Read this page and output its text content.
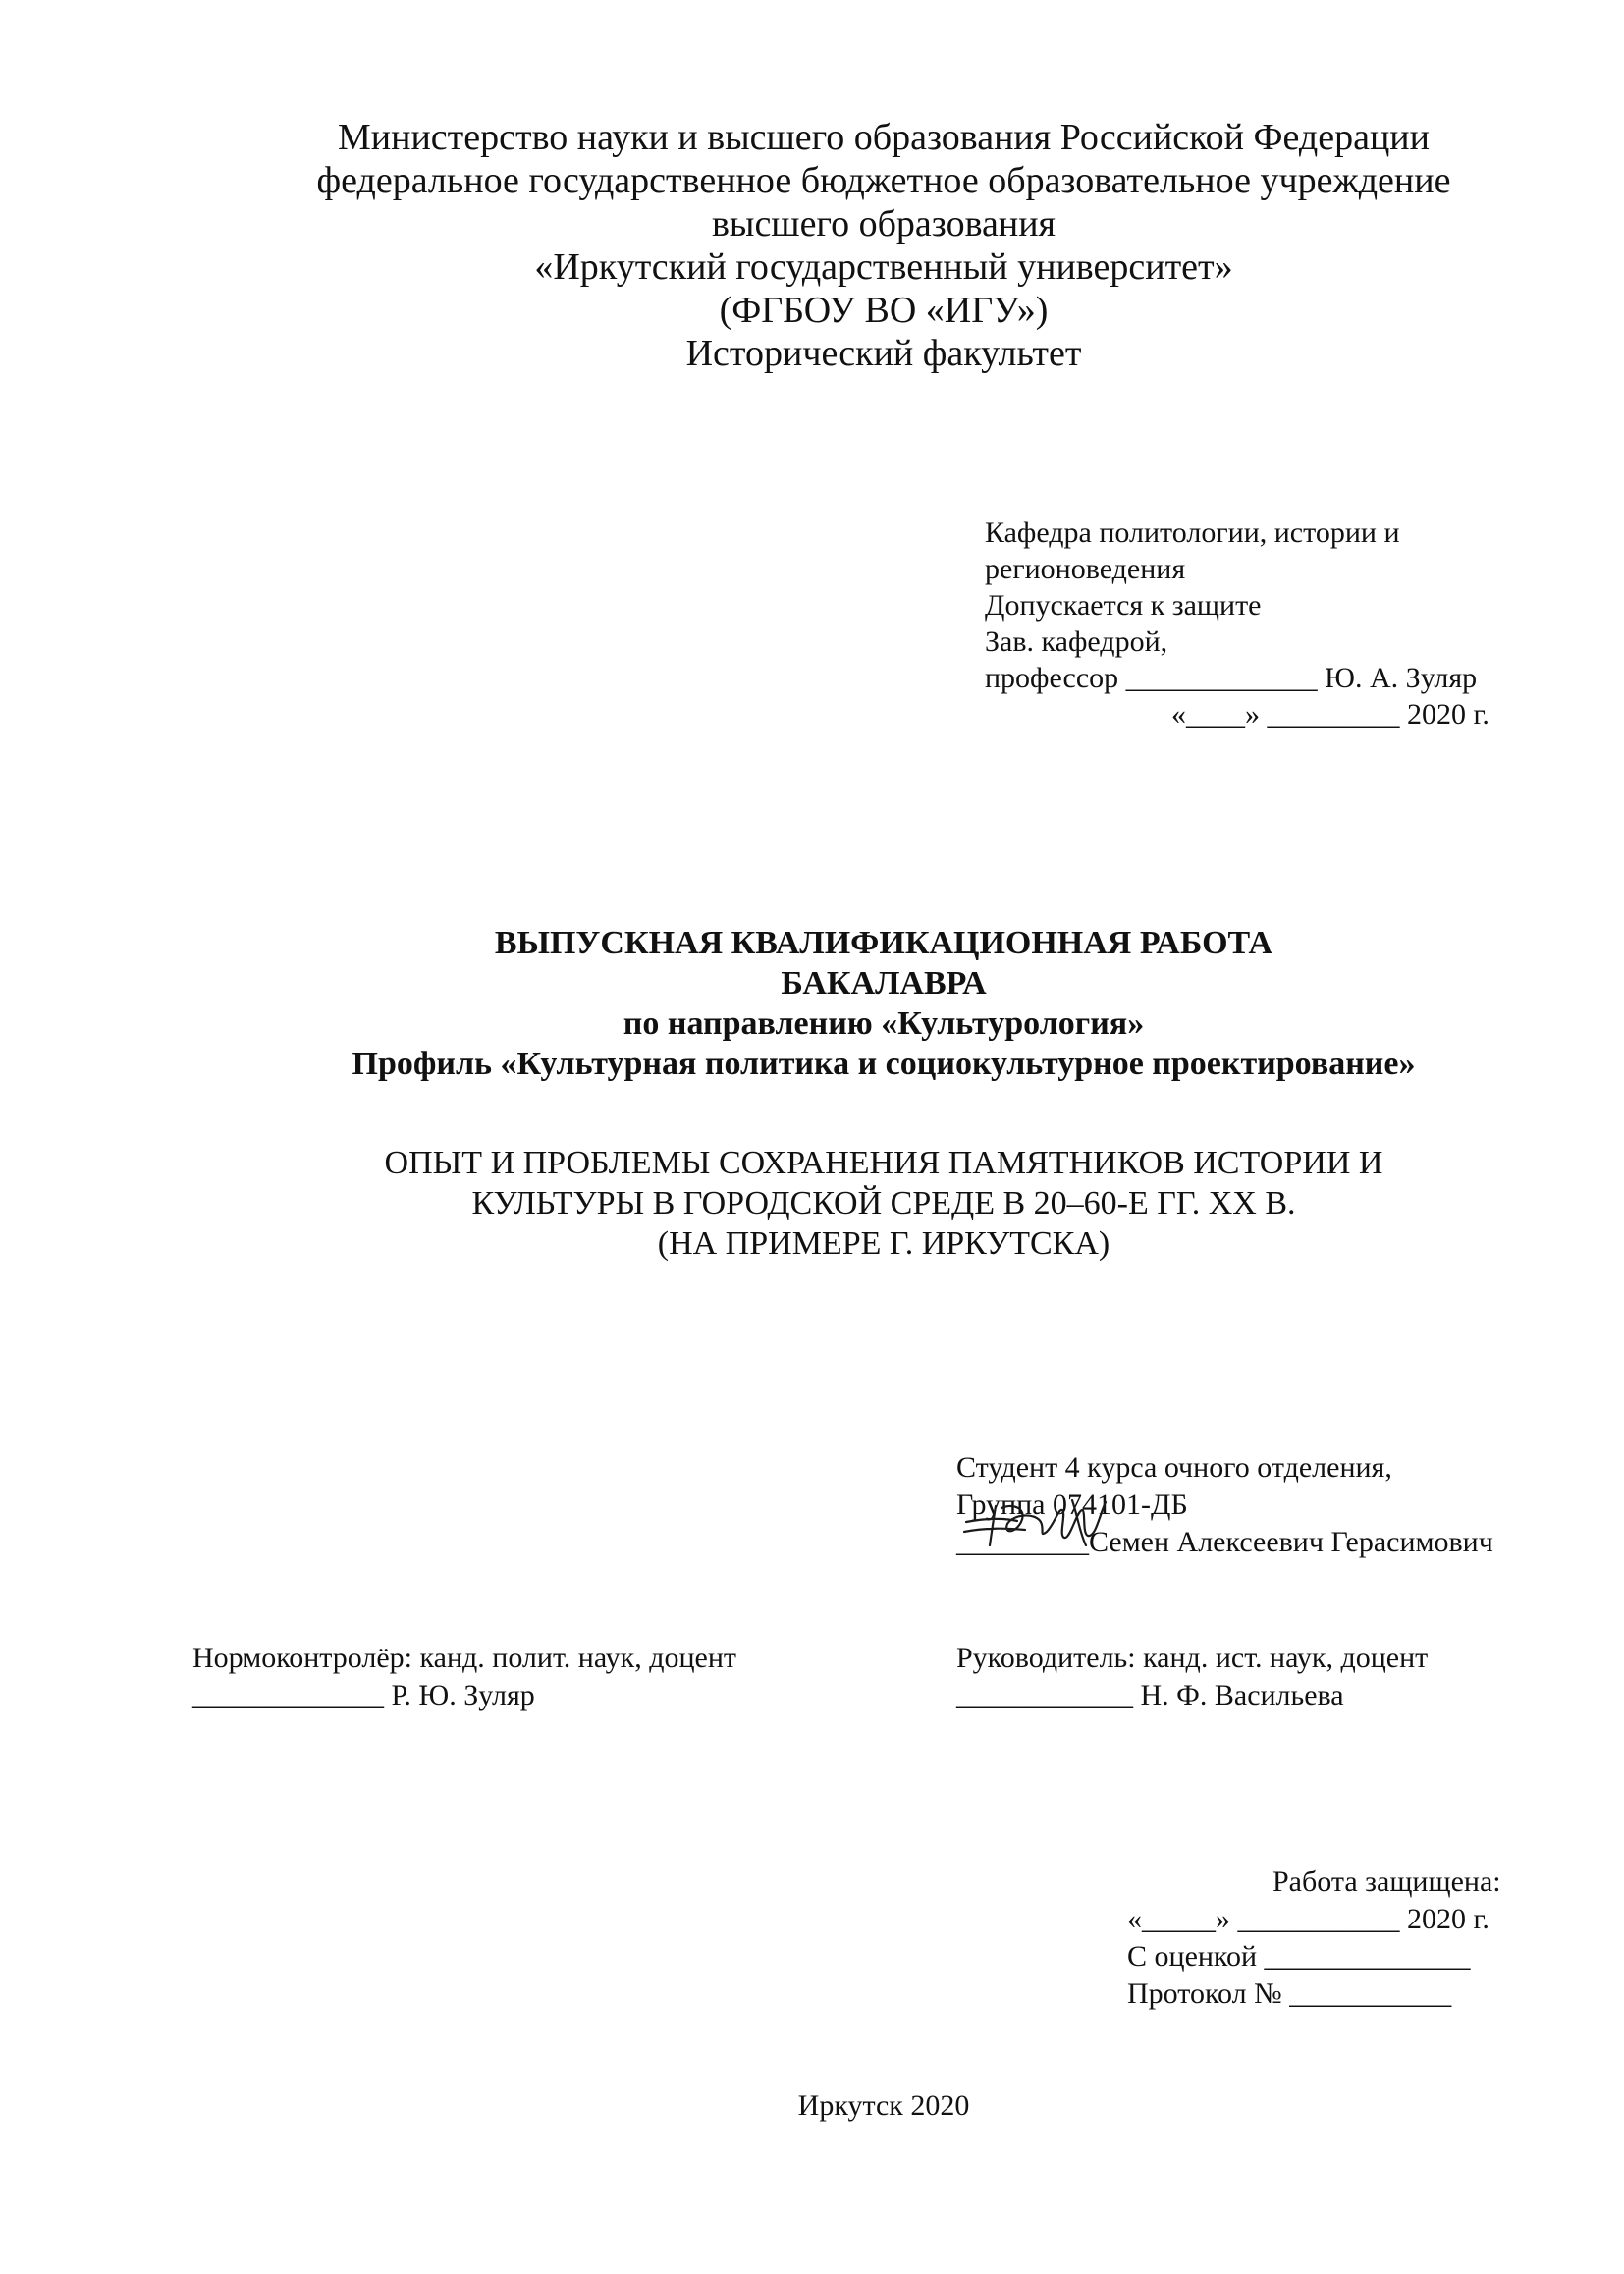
Министерство науки и высшего образования Российской Федерации
федеральное государственное бюджетное образовательное учреждение
высшего образования
«Иркутский государственный университет»
(ФГБОУ ВО «ИГУ»)
Исторический факультет
Кафедра политологии, истории и
регионоведения
Допускается к защите
Зав. кафедрой,
профессор _____________ Ю. А. Зуляр
«____» _________ 2020 г.
ВЫПУСКНАЯ КВАЛИФИКАЦИОННАЯ РАБОТА
БАКАЛАВРА
по направлению «Культурология»
Профиль «Культурная политика и социокультурное проектирование»
ОПЫТ И ПРОБЛЕМЫ СОХРАНЕНИЯ ПАМЯТНИКОВ ИСТОРИИ И
КУЛЬТУРЫ В ГОРОДСКОЙ СРЕДЕ В 20–60-Е ГГ. XX В.
(НА ПРИМЕРЕ Г. ИРКУТСКА)
Студент 4 курса очного отделения,
Группа 074101-ДБ
_________Семен Алексеевич Герасимович
Нормоконтролёр: канд. полит. наук, доцент
_____________ Р. Ю. Зуляр
Руководитель: канд. ист. наук, доцент
____________ Н. Ф. Васильева
Работа защищена:
«_____» ___________ 2020 г.
С оценкой ______________
Протокол № ___________
Иркутск 2020
